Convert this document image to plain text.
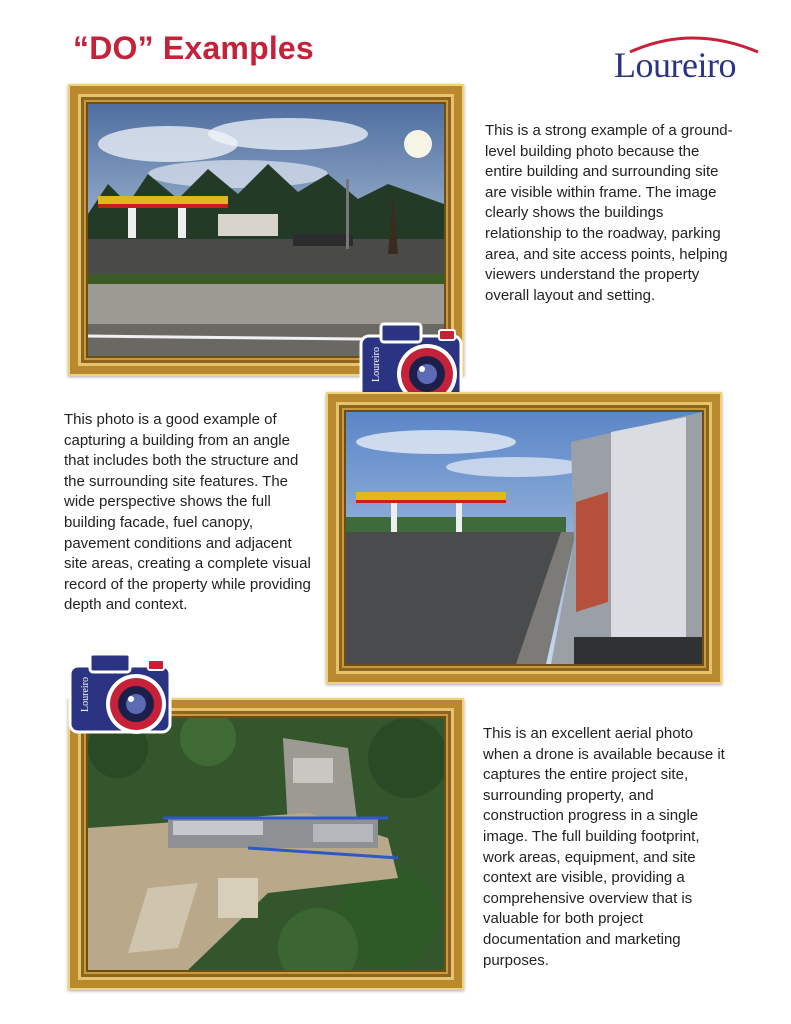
“DO” Examples	Loureiro
Loureiro
This is a strong example of a ground-level building photo because the entire building and surrounding site are visible within frame. The image clearly shows the buildings relationship to the roadway, parking area, and site access points, helping viewers understand the property overall layout and setting.
This photo is a good example of capturing a building from an angle that includes both the structure and the surrounding site features. The wide perspective shows the full building facade, fuel canopy, pavement conditions and adjacent site areas, creating a complete visual record of the property while providing depth and context.
Loureiro
This is an excellent aerial photo when a drone is available because it captures the entire project site, surrounding property, and construction progress in a single image. The full building footprint, work areas, equipment, and site context are visible, providing a comprehensive overview that is valuable for both project documentation and marketing purposes.
